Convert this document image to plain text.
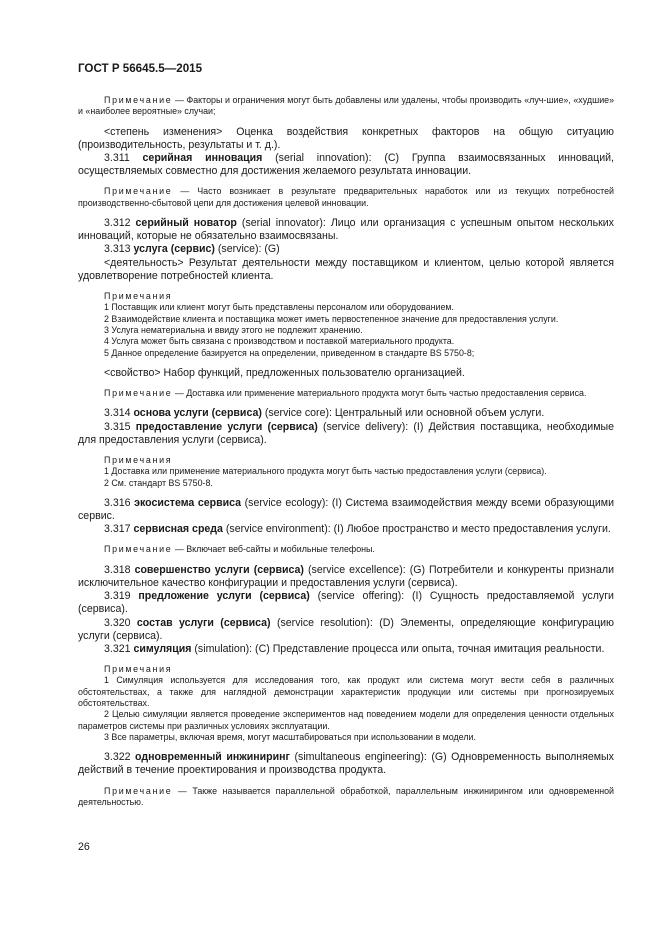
ГОСТ Р 56645.5—2015
Примечание — Факторы и ограничения могут быть добавлены или удалены, чтобы производить «луч-шие», «худшие» и «наиболее вероятные» случаи;
<степень изменения> Оценка воздействия конкретных факторов на общую ситуацию (производительность, результаты и т. д.).
3.311 серийная инновация (serial innovation): (С) Группа взаимосвязанных инноваций, осуществляемых совместно для достижения желаемого результата инновации.
Примечание — Часто возникает в результате предварительных наработок или из текущих потребностей производственно-сбытовой цепи для достижения целевой инновации.
3.312 серийный новатор (serial innovator): Лицо или организация с успешным опытом нескольких инноваций, которые не обязательно взаимосвязаны.
3.313 услуга (сервис) (service): (G)
<деятельность> Результат деятельности между поставщиком и клиентом, целью которой является удовлетворение потребностей клиента.
Примечания
1 Поставщик или клиент могут быть представлены персоналом или оборудованием.
2 Взаимодействие клиента и поставщика может иметь первостепенное значение для предоставления услуги.
3 Услуга нематериальна и ввиду этого не подлежит хранению.
4 Услуга может быть связана с производством и поставкой материального продукта.
5 Данное определение базируется на определении, приведенном в стандарте BS 5750-8;
<свойство> Набор функций, предложенных пользователю организацией.
Примечание — Доставка или применение материального продукта могут быть частью предоставления сервиса.
3.314 основа услуги (сервиса) (service core): Центральный или основной объем услуги.
3.315 предоставление услуги (сервиса) (service delivery): (I) Действия поставщика, необходимые для предоставления услуги (сервиса).
Примечания
1 Доставка или применение материального продукта могут быть частью предоставления услуги (сервиса).
2 См. стандарт BS 5750-8.
3.316 экосистема сервиса (service ecology): (I) Система взаимодействия между всеми образующими сервис.
3.317 сервисная среда (service environment): (I) Любое пространство и место предоставления услуги.
Примечание — Включает веб-сайты и мобильные телефоны.
3.318 совершенство услуги (сервиса) (service excellence): (G) Потребители и конкуренты признали исключительное качество конфигурации и предоставления услуги (сервиса).
3.319 предложение услуги (сервиса) (service offering): (I) Сущность предоставляемой услуги (сервиса).
3.320 состав услуги (сервиса) (service resolution): (D) Элементы, определяющие конфигурацию услуги (сервиса).
3.321 симуляция (simulation): (С) Представление процесса или опыта, точная имитация реальности.
Примечания
1 Симуляция используется для исследования того, как продукт или система могут вести себя в различных обстоятельствах, а также для наглядной демонстрации характеристик продукции или системы при прогнозируемых обстоятельствах.
2 Целью симуляции является проведение экспериментов над поведением модели для определения ценности отдельных параметров системы при различных условиях эксплуатации.
3 Все параметры, включая время, могут масштабироваться при использовании в модели.
3.322 одновременный инжиниринг (simultaneous engineering): (G) Одновременность выполняемых действий в течение проектирования и производства продукта.
Примечание — Также называется параллельной обработкой, параллельным инжинирингом или одновременной деятельностью.
26
